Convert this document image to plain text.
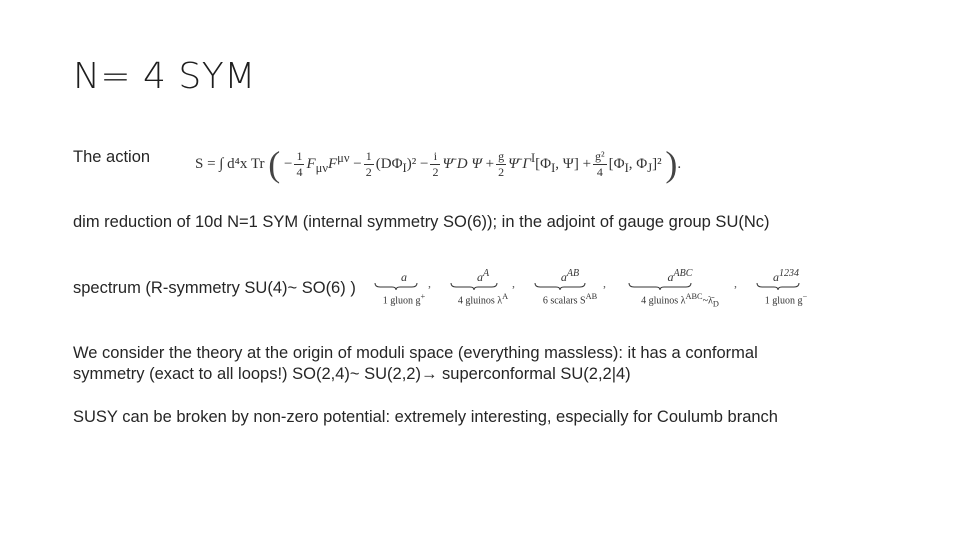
N= 4 SYM
The action	S = ∫ d⁴x Tr ( − $\frac{1}{4} F_{\mu\nu}F^{\mu\nu} - \frac{1}{2} (D\Phi_I)^2 - \frac{i}{2}$ Ψ̄ D $\Psi + \frac{g}{2}$ Ψ̄ $\Gamma^I[\Phi_I$, $\Psi] + \frac{\text{g²}}{4} [\Phi_I$, $\Phi_J]^2$ ).
dim reduction of 10d N=1 SYM (internal symmetry SO(6)); in the adjoint of gauge group SU(Nc)
spectrum (R-symmetry SU(4)~ SO(6) )
a
1 gluon g+
,	$a^A$
4 gluinos $\lambda^A$
,	$a^{AB}$
6 scalars $S^{AB}$
,	$a^{ABC}$
4 gluinos $\lambda^{ABC}\sim\lambdā_D$
,	$a^{1234}$
1 gluon g−
We consider the theory at the origin of moduli space (everything massless): it has a conformal
symmetry (exact to all loops!) SO(2,4)~ SU(2,2)→ superconformal SU(2,2|4)
SUSY can be broken by non-zero potential: extremely interesting, especially for Coulumb branch
